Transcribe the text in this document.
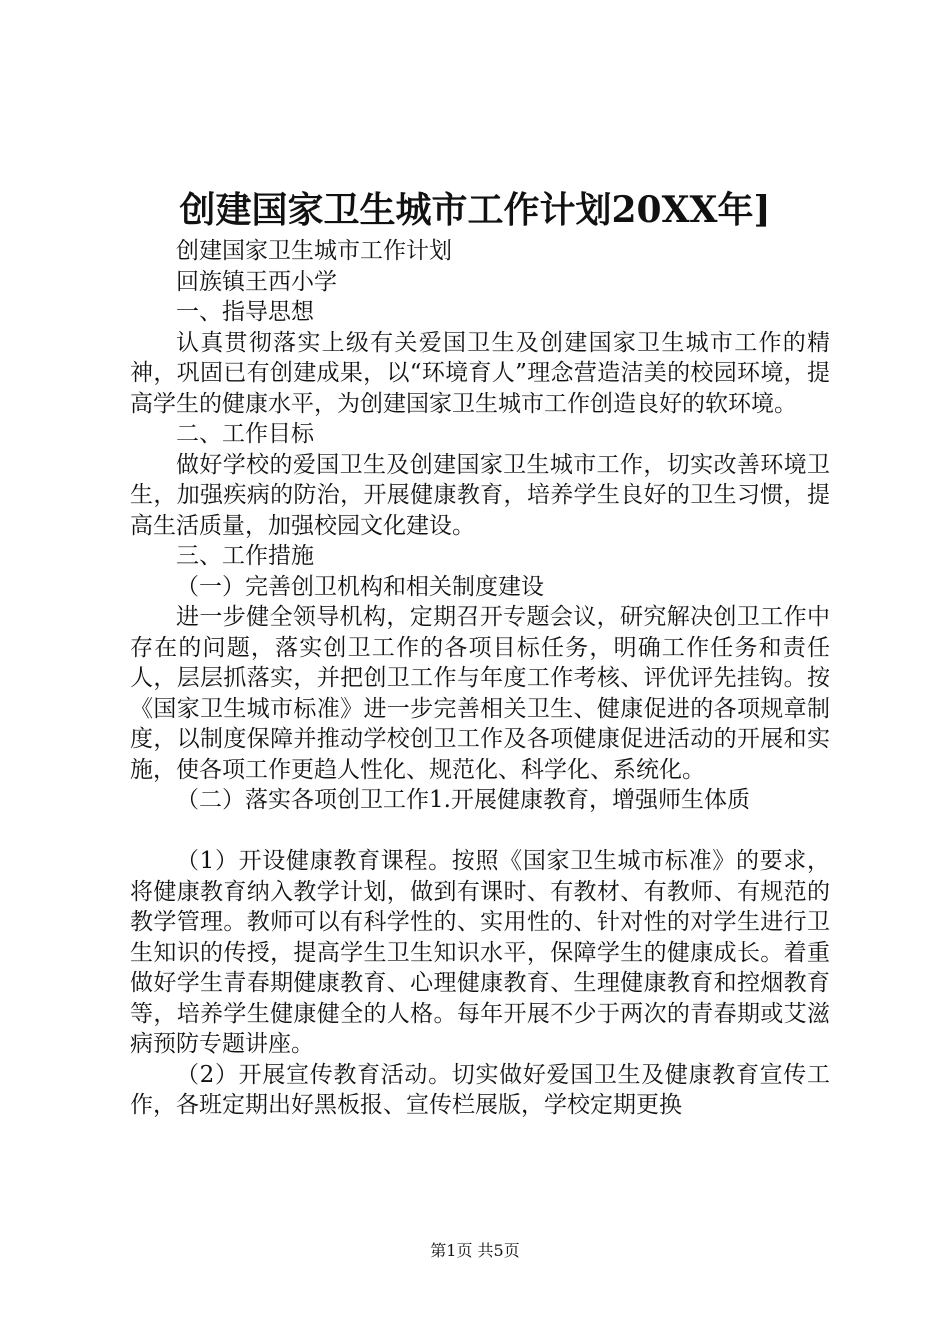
创建国家卫生城市工作计划20XX年]

创建国家卫生城市工作计划

回族镇王西小学

一、指导思想

认真贯彻落实上级有关爱国卫生及创建国家卫生城市工作的精神，巩固已有创建成果，以“环境育人”理念营造洁美的校园环境，提高学生的健康水平，为创建国家卫生城市工作创造良好的软环境。

二、工作目标

做好学校的爱国卫生及创建国家卫生城市工作，切实改善环境卫生，加强疾病的防治，开展健康教育，培养学生良好的卫生习惯，提高生活质量，加强校园文化建设。

三、工作措施

（一）完善创卫机构和相关制度建设

进一步健全领导机构，定期召开专题会议，研究解决创卫工作中存在的问题，落实创卫工作的各项目标任务，明确工作任务和责任人，层层抓落实，并把创卫工作与年度工作考核、评优评先挂钩。按《国家卫生城市标准》进一步完善相关卫生、健康促进的各项规章制度，以制度保障并推动学校创卫工作及各项健康促进活动的开展和实施，使各项工作更趋人性化、规范化、科学化、系统化。

（二）落实各项创卫工作1.开展健康教育，增强师生体质

（1）开设健康教育课程。按照《国家卫生城市标准》的要求，将健康教育纳入教学计划，做到有课时、有教材、有教师、有规范的教学管理。教师可以有科学性的、实用性的、针对性的对学生进行卫生知识的传授，提高学生卫生知识水平，保障学生的健康成长。着重做好学生青春期健康教育、心理健康教育、生理健康教育和控烟教育等，培养学生健康健全的人格。每年开展不少于两次的青春期或艾滋病预防专题讲座。

（2）开展宣传教育活动。切实做好爱国卫生及健康教育宣传工作，各班定期出好黑板报、宣传栏展版，学校定期更换

第1页 共5页
